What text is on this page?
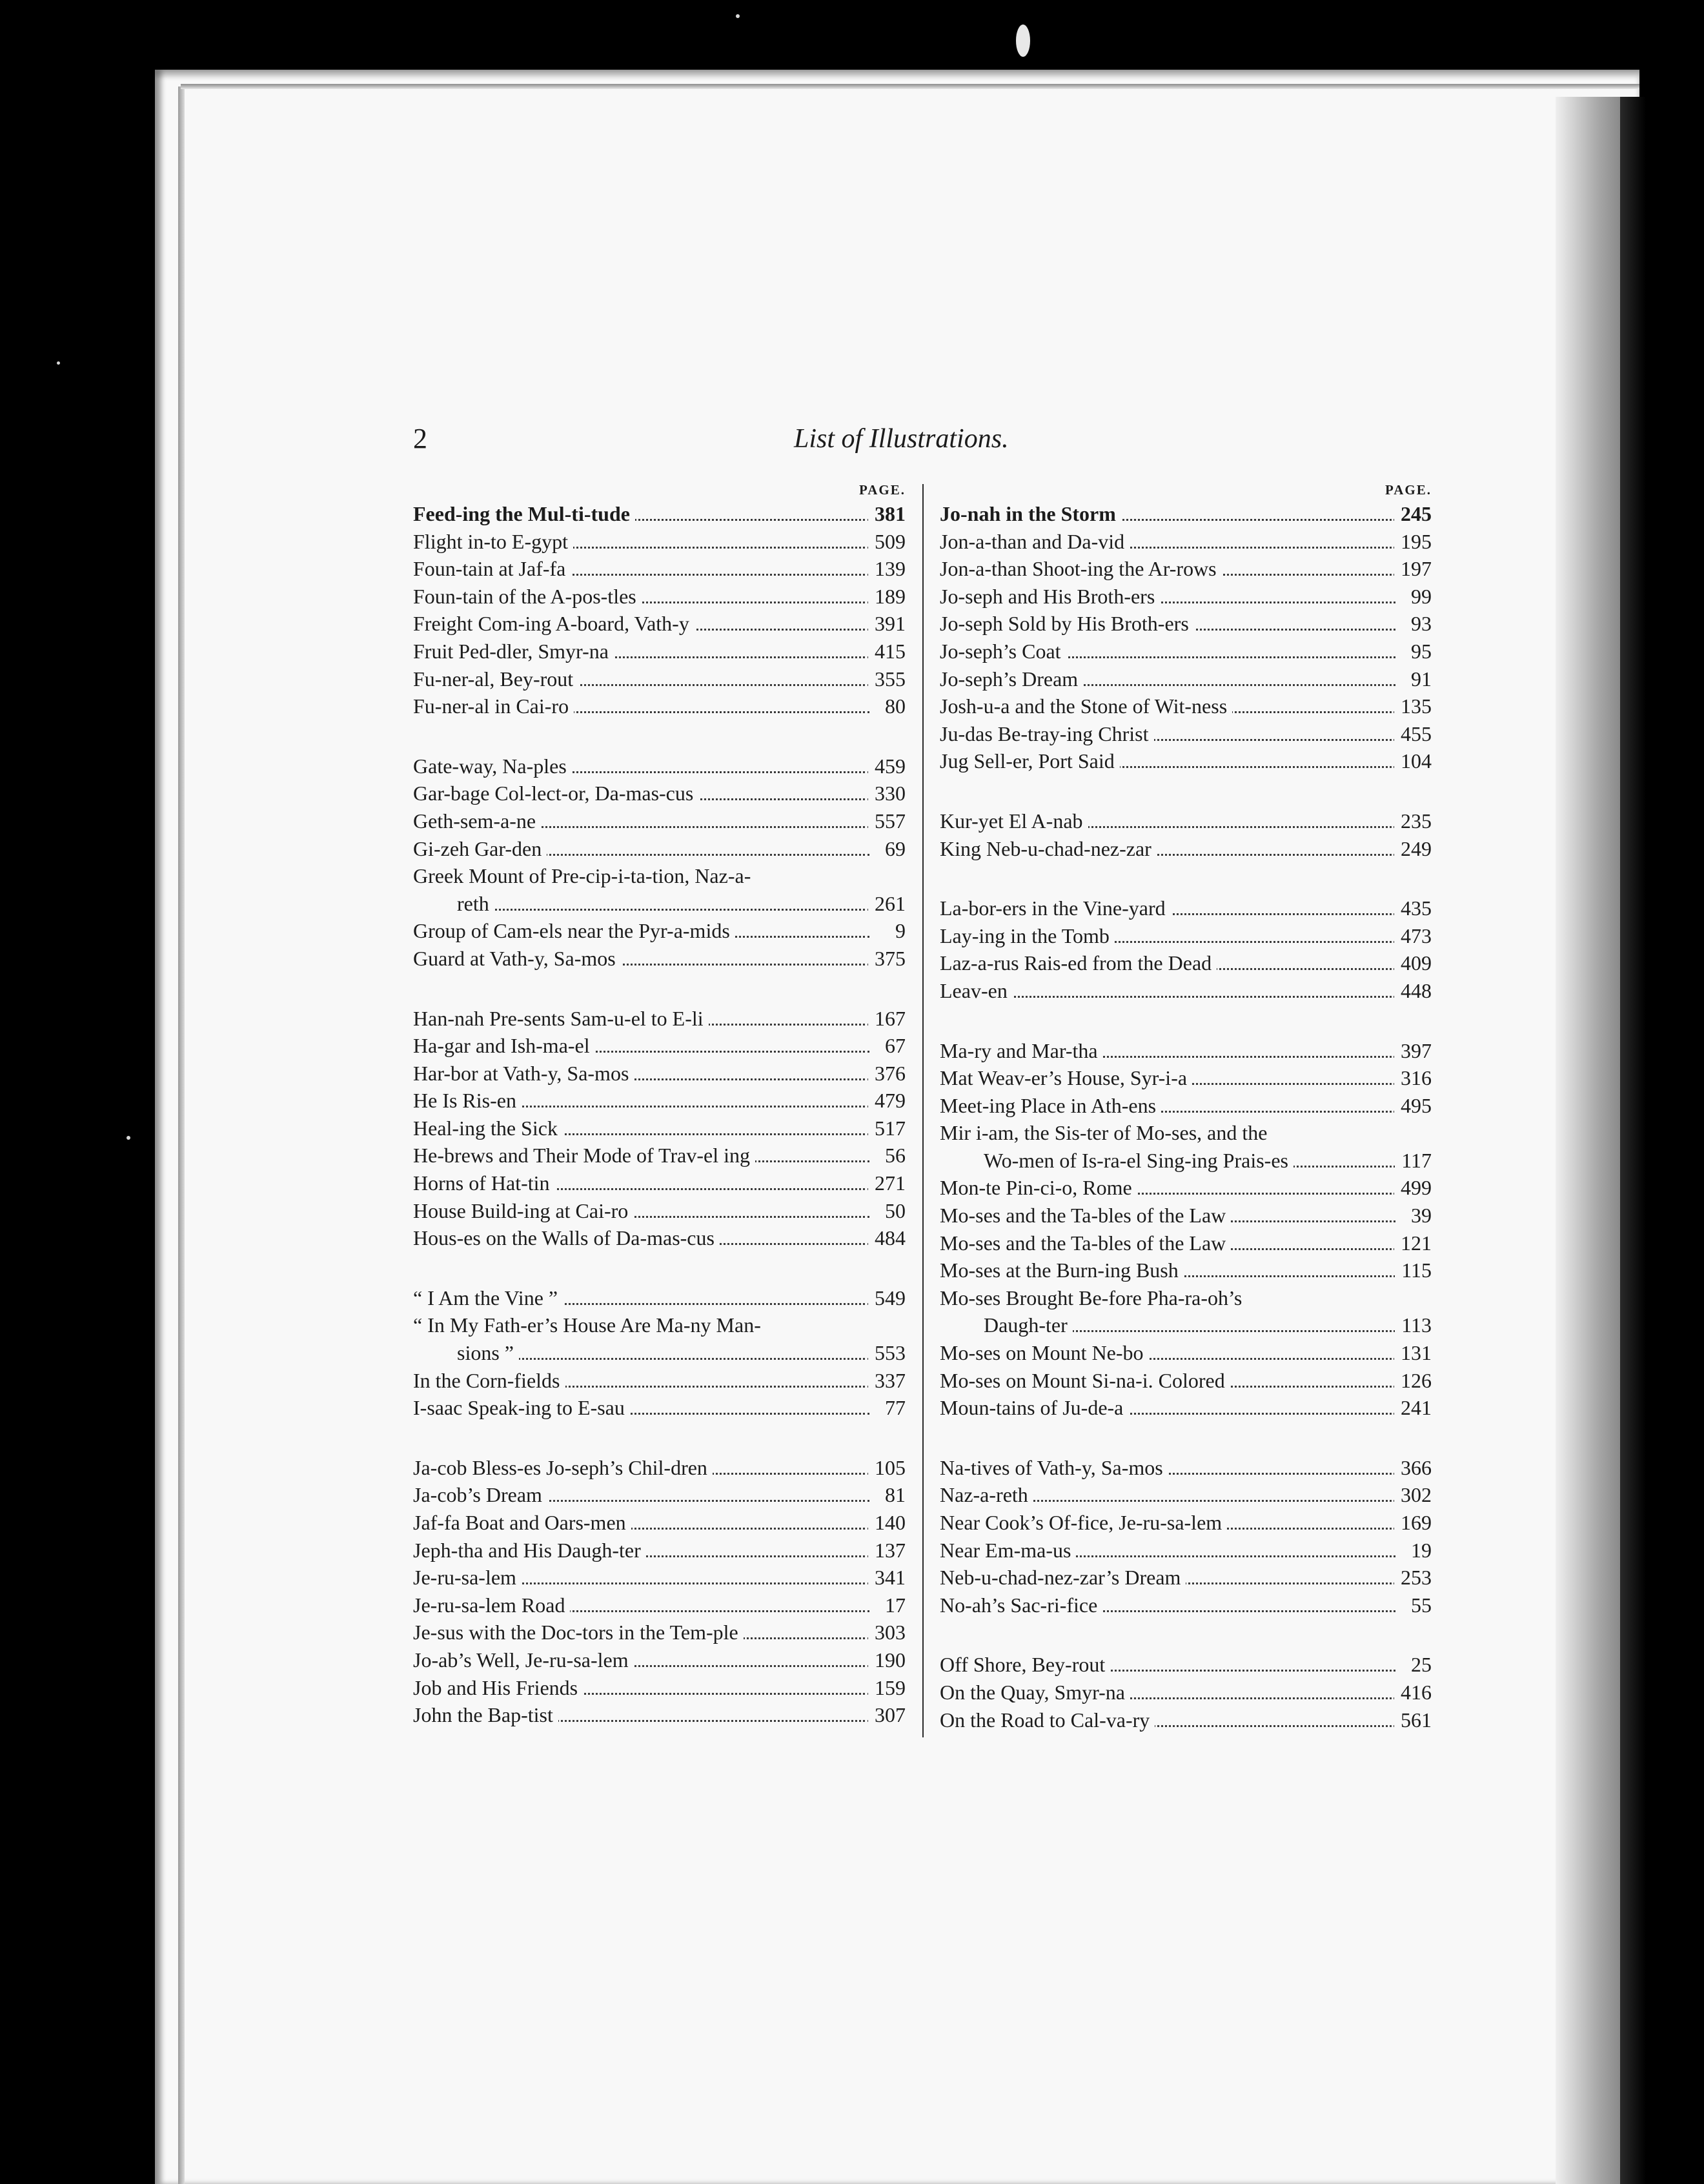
2	List of Illustrations.
PAGE.
Feed-ing the Mul-ti-tude	381
Flight in-to E-gypt	509
Foun-tain at Jaf-fa	139
Foun-tain of the A-pos-tles	189
Freight Com-ing A-board, Vath-y	391
Fruit Ped-dler, Smyr-na	415
Fu-ner-al, Bey-rout	355
Fu-ner-al in Cai-ro	80
Gate-way, Na-ples	459
Gar-bage Col-lect-or, Da-mas-cus	330
Geth-sem-a-ne	557
Gi-zeh Gar-den	69
Greek Mount of Pre-cip-i-ta-tion, Naz-a-
reth	261
Group of Cam-els near the Pyr-a-mids	9
Guard at Vath-y, Sa-mos	375
Han-nah Pre-sents Sam-u-el to E-li	167
Ha-gar and Ish-ma-el	67
Har-bor at Vath-y, Sa-mos	376
He Is Ris-en	479
Heal-ing the Sick	517
He-brews and Their Mode of Trav-el ing	56
Horns of Hat-tin	271
House Build-ing at Cai-ro	50
Hous-es on the Walls of Da-mas-cus	484
“ I Am the Vine ”	549
“ In My Fath-er’s House Are Ma-ny Man-
sions ”	553
In the Corn-fields	337
I-saac Speak-ing to E-sau	77
Ja-cob Bless-es Jo-seph’s Chil-dren	105
Ja-cob’s Dream	81
Jaf-fa Boat and Oars-men	140
Jeph-tha and His Daugh-ter	137
Je-ru-sa-lem	341
Je-ru-sa-lem Road	17
Je-sus with the Doc-tors in the Tem-ple	303
Jo-ab’s Well, Je-ru-sa-lem	190
Job and His Friends	159
John the Bap-tist	307
PAGE.
Jo-nah in the Storm	245
Jon-a-than and Da-vid	195
Jon-a-than Shoot-ing the Ar-rows	197
Jo-seph and His Broth-ers	99
Jo-seph Sold by His Broth-ers	93
Jo-seph’s Coat	95
Jo-seph’s Dream	91
Josh-u-a and the Stone of Wit-ness	135
Ju-das Be-tray-ing Christ	455
Jug Sell-er, Port Said	104
Kur-yet El A-nab	235
King Neb-u-chad-nez-zar	249
La-bor-ers in the Vine-yard	435
Lay-ing in the Tomb	473
Laz-a-rus Rais-ed from the Dead	409
Leav-en	448
Ma-ry and Mar-tha	397
Mat Weav-er’s House, Syr-i-a	316
Meet-ing Place in Ath-ens	495
Mir i-am, the Sis-ter of Mo-ses, and the
Wo-men of Is-ra-el Sing-ing Prais-es	117
Mon-te Pin-ci-o, Rome	499
Mo-ses and the Ta-bles of the Law	39
Mo-ses and the Ta-bles of the Law	121
Mo-ses at the Burn-ing Bush	115
Mo-ses Brought Be-fore Pha-ra-oh’s
Daugh-ter	113
Mo-ses on Mount Ne-bo	131
Mo-ses on Mount Si-na-i. Colored	126
Moun-tains of Ju-de-a	241
Na-tives of Vath-y, Sa-mos	366
Naz-a-reth	302
Near Cook’s Of-fice, Je-ru-sa-lem	169
Near Em-ma-us	19
Neb-u-chad-nez-zar’s Dream	253
No-ah’s Sac-ri-fice	55
Off Shore, Bey-rout	25
On the Quay, Smyr-na	416
On the Road to Cal-va-ry	561
